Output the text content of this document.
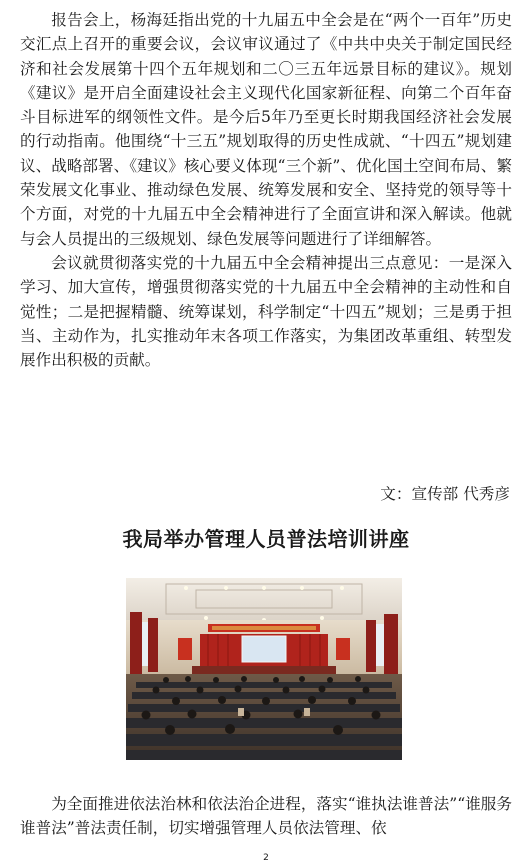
报告会上，杨海廷指出党的十九届五中全会是在“两个一百年”历史交汇点上召开的重要会议，会议审议通过了《中共中央关于制定国民经济和社会发展第十四个五年规划和二〇三五年远景目标的建议》。规划《建议》是开启全面建设社会主义现代化国家新征程、向第二个百年奋斗目标进军的纲领性文件。是今后5年乃至更长时期我国经济社会发展的行动指南。他围绕“十三五”规划取得的历史性成就、“十四五”规划建议、战略部署、《建议》核心要义体现“三个新”、优化国土空间布局、繁荣发展文化事业、推动绿色发展、统筹发展和安全、坚持党的领导等十个方面，对党的十九届五中全会精神进行了全面宣讲和深入解读。他就与会人员提出的三级规划、绿色发展等问题进行了详细解答。

会议就贯彻落实党的十九届五中全会精神提出三点意见：一是深入学习、加大宣传，增强贯彻落实党的十九届五中全会精神的主动性和自觉性；二是把握精髓、统筹谋划，科学制定“十四五”规划；三是勇于担当、主动作为，扎实推动年末各项工作落实，为集团改革重组、转型发展作出积极的贡献。

文：宣传部 代秀彦
我局举办管理人员普法培训讲座

为全面推进依法治林和依法治企进程，落实“谁执法谁普法”“谁服务谁普法”普法责任制，切实增强管理人员依法管理、依

2
